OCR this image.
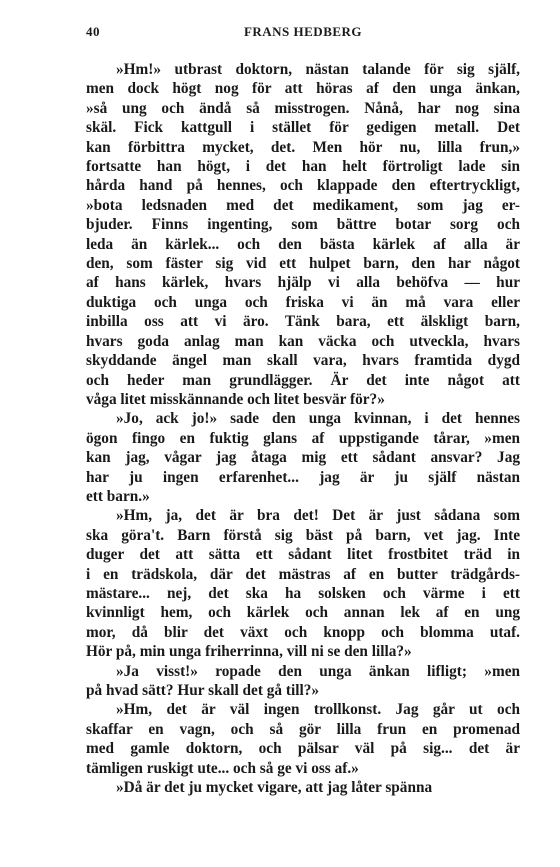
40	FRANS HEDBERG

»Hm!» utbrast doktorn, nästan talande för sig själf,
men dock högt nog för att höras af den unga änkan,
»så ung och ändå så misstrogen. Nånå, har nog sina
skäl. Fick kattgull i stället för gedigen metall. Det
kan förbittra mycket, det. Men hör nu, lilla frun,»
fortsatte han högt, i det han helt förtroligt lade sin
hårda hand på hennes, och klappade den eftertryckligt,
»bota ledsnaden med det medikament, som jag er-
bjuder. Finns ingenting, som bättre botar sorg och
leda än kärlek... och den bästa kärlek af alla är
den, som fäster sig vid ett hulpet barn, den har något
af hans kärlek, hvars hjälp vi alla behöfva — hur
duktiga och unga och friska vi än må vara eller
inbilla oss att vi äro. Tänk bara, ett älskligt barn,
hvars goda anlag man kan väcka och utveckla, hvars
skyddande ängel man skall vara, hvars framtida dygd
och heder man grundlägger. Är det inte något att
våga litet misskännande och litet besvär för?»

»Jo, ack jo!» sade den unga kvinnan, i det hennes
ögon fingo en fuktig glans af uppstigande tårar, »men
kan jag, vågar jag åtaga mig ett sådant ansvar? Jag
har ju ingen erfarenhet... jag är ju själf nästan
ett barn.»

»Hm, ja, det är bra det! Det är just sådana som
ska göra't. Barn förstå sig bäst på barn, vet jag. Inte
duger det att sätta ett sådant litet frostbitet träd in
i en trädskola, där det mästras af en butter trädgårds-
mästare... nej, det ska ha solsken och värme i ett
kvinnligt hem, och kärlek och annan lek af en ung
mor, då blir det växt och knopp och blomma utaf.
Hör på, min unga friherrinna, vill ni se den lilla?»

»Ja visst!» ropade den unga änkan lifligt; »men
på hvad sätt? Hur skall det gå till?»

»Hm, det är väl ingen trollkonst. Jag går ut och
skaffar en vagn, och så gör lilla frun en promenad
med gamle doktorn, och pälsar väl på sig... det är
tämligen ruskigt ute... och så ge vi oss af.»

»Då är det ju mycket vigare, att jag låter spänna
